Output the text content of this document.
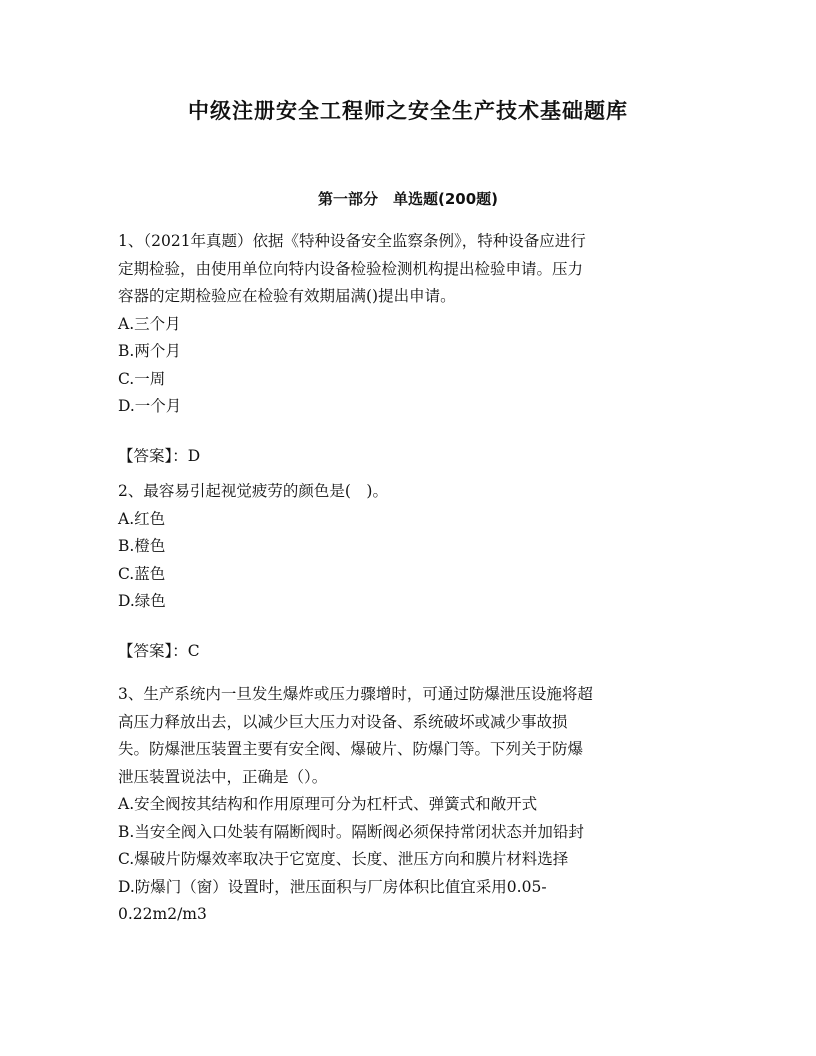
中级注册安全工程师之安全生产技术基础题库
第一部分　单选题(200题)
1、（2021年真题）依据《特种设备安全监察条例》，特种设备应进行
定期检验，由使用单位向特内设备检验检测机构提出检验申请。压力
容器的定期检验应在检验有效期届满()提出申请。
A.三个月
B.两个月
C.一周
D.一个月
【答案】：D
2、最容易引起视觉疲劳的颜色是(　)。
A.红色
B.橙色
C.蓝色
D.绿色
【答案】：C
3、生产系统内一旦发生爆炸或压力骤增时，可通过防爆泄压设施将超
高压力释放出去，以减少巨大压力对设备、系统破坏或减少事故损
失。防爆泄压装置主要有安全阀、爆破片、防爆门等。下列关于防爆
泄压装置说法中，正确是（）。
A.安全阀按其结构和作用原理可分为杠杆式、弹簧式和敞开式
B.当安全阀入口处装有隔断阀时。隔断阀必须保持常闭状态并加铅封
C.爆破片防爆效率取决于它宽度、长度、泄压方向和膜片材料选择
D.防爆门（窗）设置时，泄压面积与厂房体积比值宜采用0.05-
0.22m2/m3
